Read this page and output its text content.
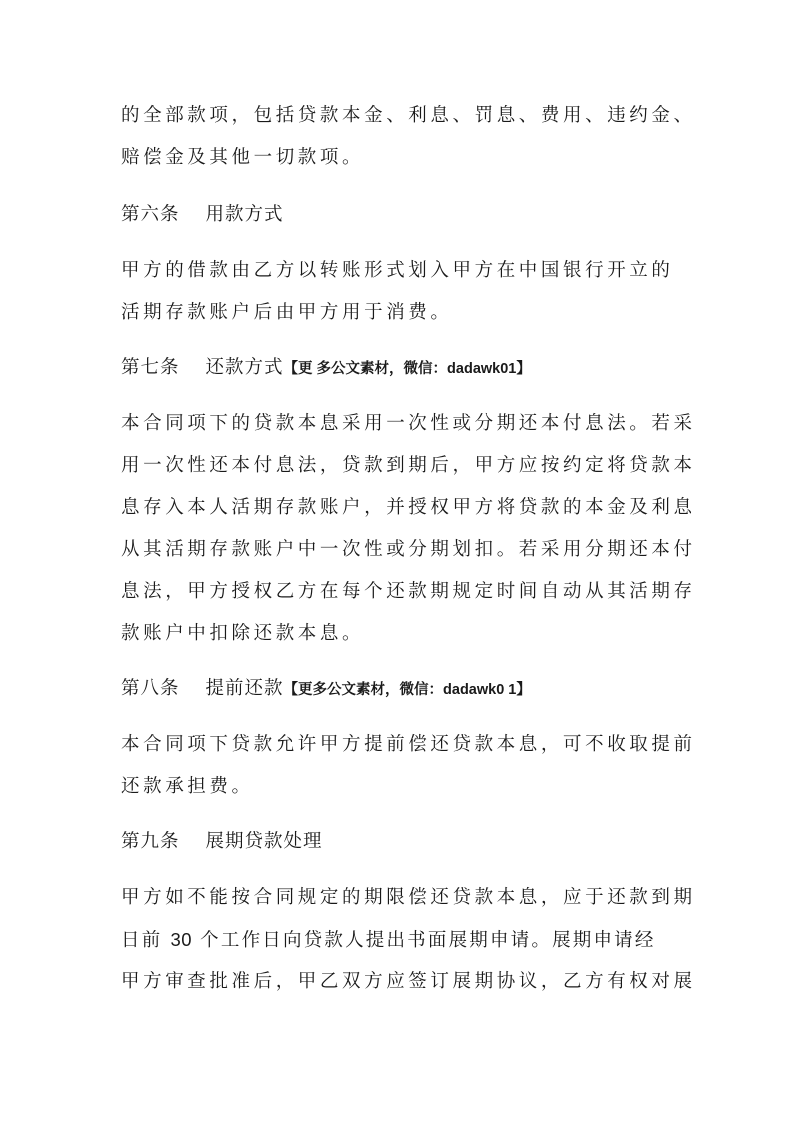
的全部款项，包括贷款本金、利息、罚息、费用、违约金、
赔偿金及其他一切款项。
第六条 用款方式
甲方的借款由乙方以转账形式划入甲方在中国银行开立的
活期存款账户后由甲方用于消费。
第七条 还款方式【更 多公文素材，微信：dadawk01】
本合同项下的贷款本息采用一次性或分期还本付息法。若采
用一次性还本付息法，贷款到期后，甲方应按约定将贷款本
息存入本人活期存款账户，并授权甲方将贷款的本金及利息
从其活期存款账户中一次性或分期划扣。若采用分期还本付
息法，甲方授权乙方在每个还款期规定时间自动从其活期存
款账户中扣除还款本息。
第八条 提前还款【更多公文素材，微信：dadawk0 1】
本合同项下贷款允许甲方提前偿还贷款本息，可不收取提前
还款承担费。
第九条 展期贷款处理
甲方如不能按合同规定的期限偿还贷款本息，应于还款到期
日前 30 个工作日向贷款人提出书面展期申请。展期申请经
甲方审查批准后，甲乙双方应签订展期协议，乙方有权对展
